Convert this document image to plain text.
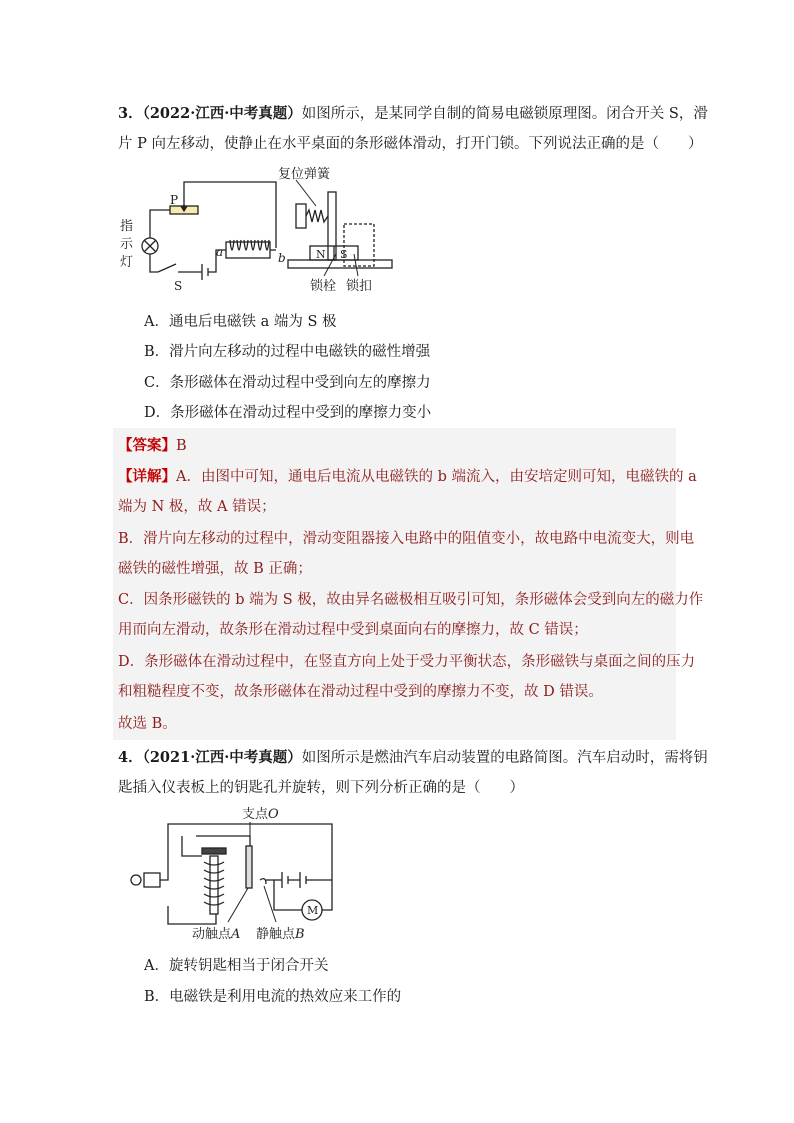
3．（2022·江西·中考真题）如图所示，是某同学自制的简易电磁锁原理图。闭合开关 S，滑
片 P 向左移动，使静止在水平桌面的条形磁体滑动，打开门锁。下列说法正确的是（　　）
复位弹簧
P
指
示
灯
a	b	N S
S	锁栓 锁扣
A．通电后电磁铁 a 端为 S 极
B．滑片向左移动的过程中电磁铁的磁性增强
C．条形磁体在滑动过程中受到向左的摩擦力
D．条形磁体在滑动过程中受到的摩擦力变小
【答案】B
【详解】A．由图中可知，通电后电流从电磁铁的 b 端流入，由安培定则可知，电磁铁的 a
端为 N 极，故 A 错误；
B．滑片向左移动的过程中，滑动变阻器接入电路中的阻值变小，故电路中电流变大，则电
磁铁的磁性增强，故 B 正确；
C．因条形磁铁的 b 端为 S 极，故由异名磁极相互吸引可知，条形磁体会受到向左的磁力作
用而向左滑动，故条形在滑动过程中受到桌面向右的摩擦力，故 C 错误；
D．条形磁体在滑动过程中，在竖直方向上处于受力平衡状态，条形磁铁与桌面之间的压力
和粗糙程度不变，故条形磁体在滑动过程中受到的摩擦力不变，故 D 错误。
4．（2021·江西·中考真题）如图所示是燃油汽车启动装置的电路简图。汽车启动时，需将钥
匙插入仪表板上的钥匙孔并旋转，则下列分析正确的是（　　）
支点O
动触点A 静触点B
M
A．旋转钥匙相当于闭合开关
B．电磁铁是利用电流的热效应来工作的
故选 B。
